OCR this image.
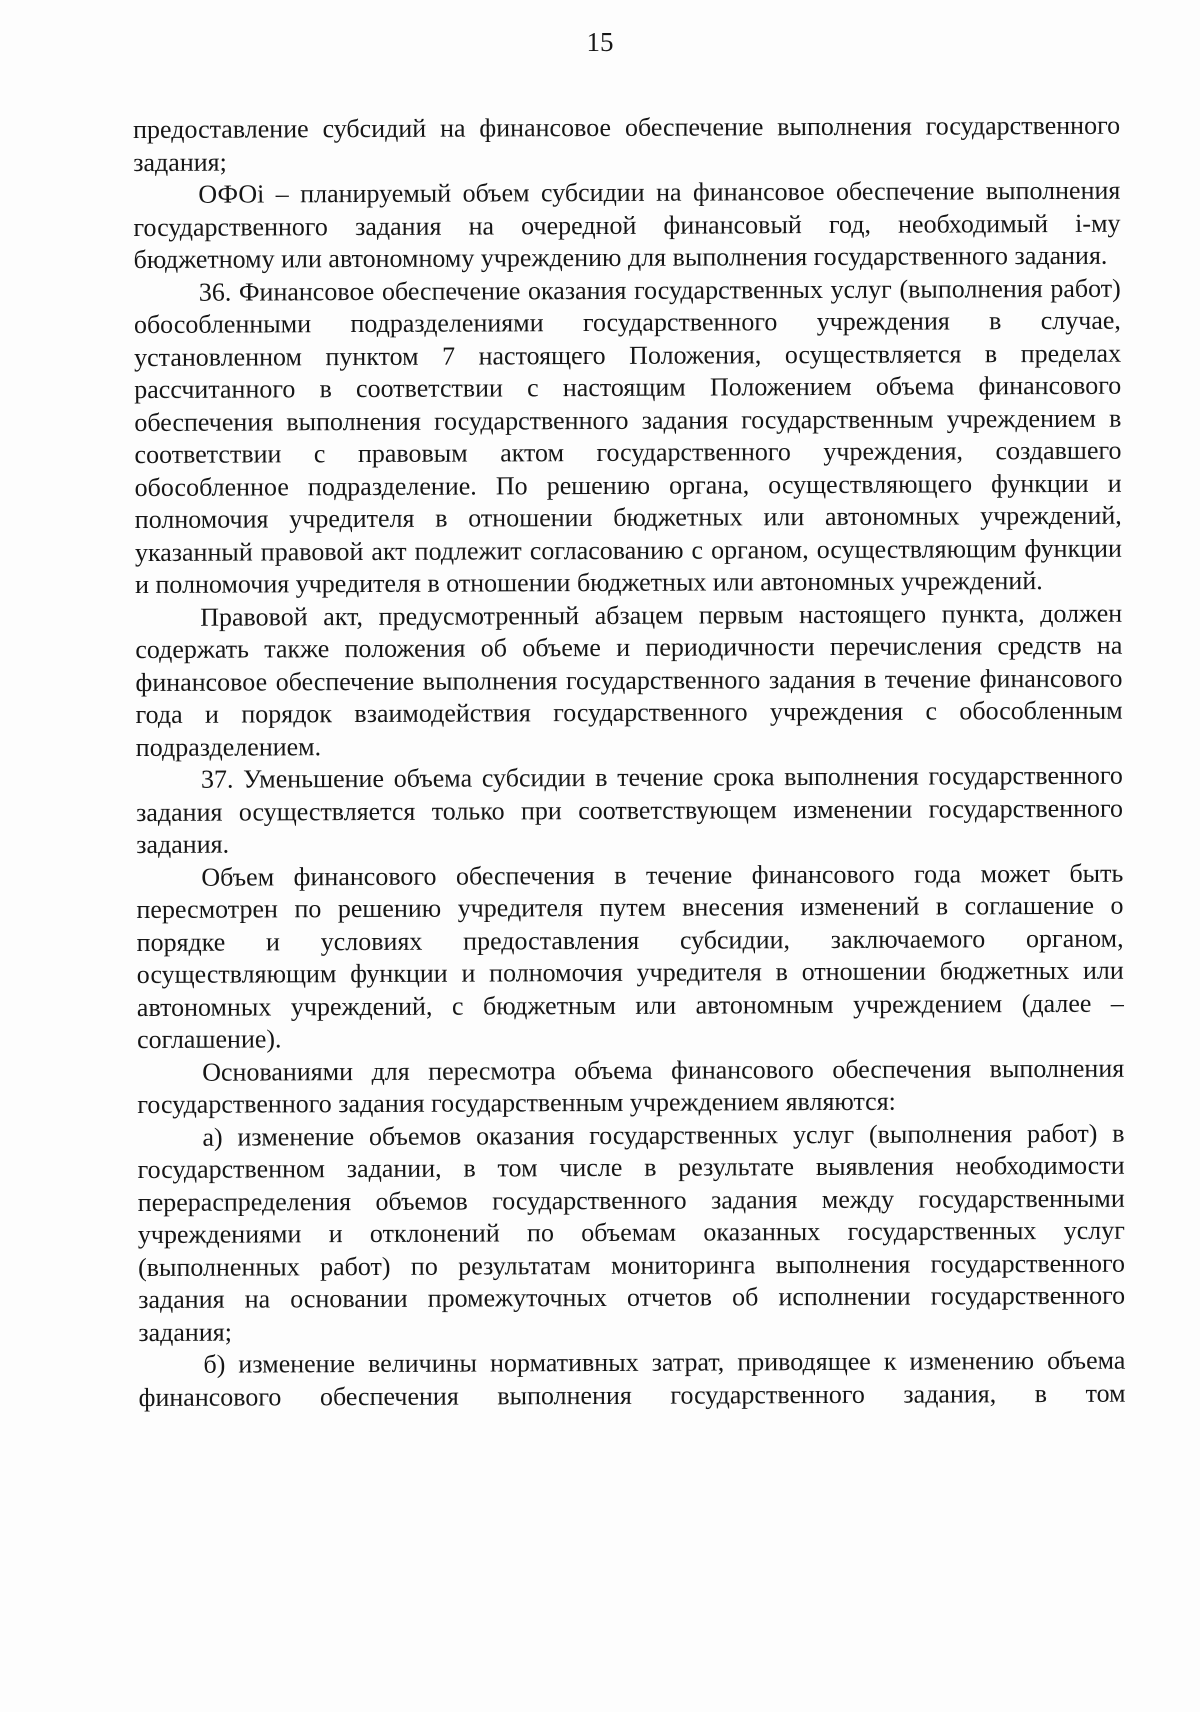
15

предоставление субсидий на финансовое обеспечение выполнения государственного задания;

ОФОi – планируемый объем субсидии на финансовое обеспечение выполнения государственного задания на очередной финансовый год, необходимый i-му бюджетному или автономному учреждению для выполнения государственного задания.

36. Финансовое обеспечение оказания государственных услуг (выполнения работ) обособленными подразделениями государственного учреждения в случае, установленном пунктом 7 настоящего Положения, осуществляется в пределах рассчитанного в соответствии с настоящим Положением объема финансового обеспечения выполнения государственного задания государственным учреждением в соответствии с правовым актом государственного учреждения, создавшего обособленное подразделение. По решению органа, осуществляющего функции и полномочия учредителя в отношении бюджетных или автономных учреждений, указанный правовой акт подлежит согласованию с органом, осуществляющим функции и полномочия учредителя в отношении бюджетных или автономных учреждений.

Правовой акт, предусмотренный абзацем первым настоящего пункта, должен содержать также положения об объеме и периодичности перечисления средств на финансовое обеспечение выполнения государственного задания в течение финансового года и порядок взаимодействия государственного учреждения с обособленным подразделением.

37. Уменьшение объема субсидии в течение срока выполнения государственного задания осуществляется только при соответствующем изменении государственного задания.

Объем финансового обеспечения в течение финансового года может быть пересмотрен по решению учредителя путем внесения изменений в соглашение о порядке и условиях предоставления субсидии, заключаемого органом, осуществляющим функции и полномочия учредителя в отношении бюджетных или автономных учреждений, с бюджетным или автономным учреждением (далее – соглашение).

Основаниями для пересмотра объема финансового обеспечения выполнения государственного задания государственным учреждением являются:

а) изменение объемов оказания государственных услуг (выполнения работ) в государственном задании, в том числе в результате выявления необходимости перераспределения объемов государственного задания между государственными учреждениями и отклонений по объемам оказанных государственных услуг (выполненных работ) по результатам мониторинга выполнения государственного задания на основании промежуточных отчетов об исполнении государственного задания;

б) изменение величины нормативных затрат, приводящее к изменению объема финансового обеспечения выполнения государственного задания, в том
